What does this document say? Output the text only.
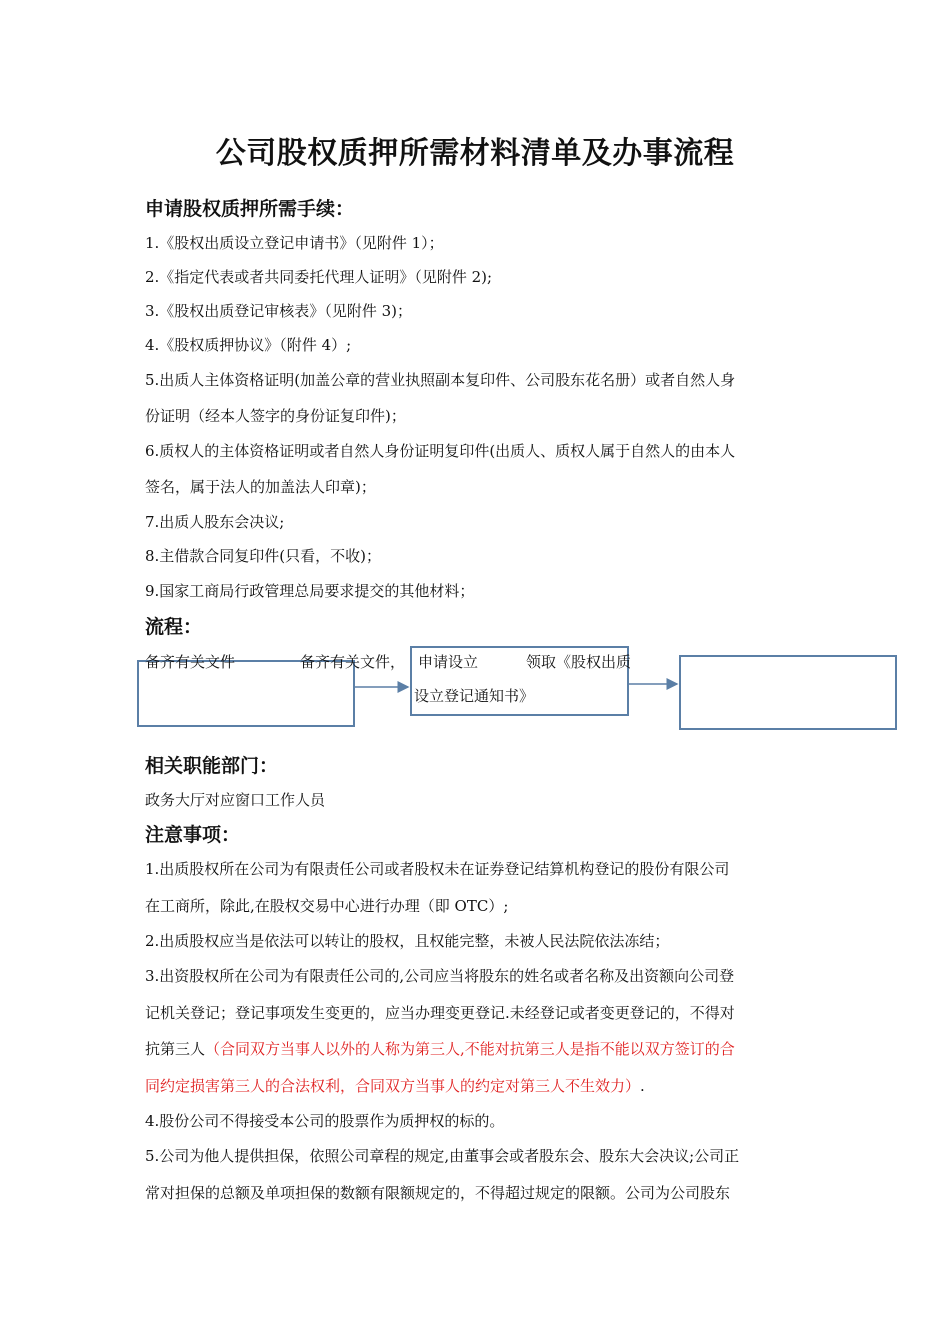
公司股权质押所需材料清单及办事流程
申请股权质押所需手续：
1.《股权出质设立登记申请书》（见附件 1）；
2.《指定代表或者共同委托代理人证明》（见附件 2);
3.《股权出质登记审核表》（见附件 3)；
4.《股权质押协议》（附件 4）;
5.出质人主体资格证明(加盖公章的营业执照副本复印件、公司股东花名册）或者自然人身
份证明（经本人签字的身份证复印件)；
6.质权人的主体资格证明或者自然人身份证明复印件(出质人、质权人属于自然人的由本人
签名，属于法人的加盖法人印章)；
7.出质人股东会决议;
8.主借款合同复印件(只看，不收)；
9.国家工商局行政管理总局要求提交的其他材料；
流程：
备齐有关文件	备齐有关文件， 申请设立	领取《股权出质
设立登记通知书》
相关职能部门：
政务大厅对应窗口工作人员
注意事项：
1.出质股权所在公司为有限责任公司或者股权未在证券登记结算机构登记的股份有限公司
在工商所，除此,在股权交易中心进行办理（即 OTC）;
2.出质股权应当是依法可以转让的股权，且权能完整，未被人民法院依法冻结；
3.出资股权所在公司为有限责任公司的,公司应当将股东的姓名或者名称及出资额向公司登
记机关登记；登记事项发生变更的，应当办理变更登记.未经登记或者变更登记的，不得对
抗第三人（合同双方当事人以外的人称为第三人,不能对抗第三人是指不能以双方签订的合
同约定损害第三人的合法权利，合同双方当事人的约定对第三人不生效力）.
4.股份公司不得接受本公司的股票作为质押权的标的。
5.公司为他人提供担保，依照公司章程的规定,由董事会或者股东会、股东大会决议;公司正
常对担保的总额及单项担保的数额有限额规定的，不得超过规定的限额。公司为公司股东
